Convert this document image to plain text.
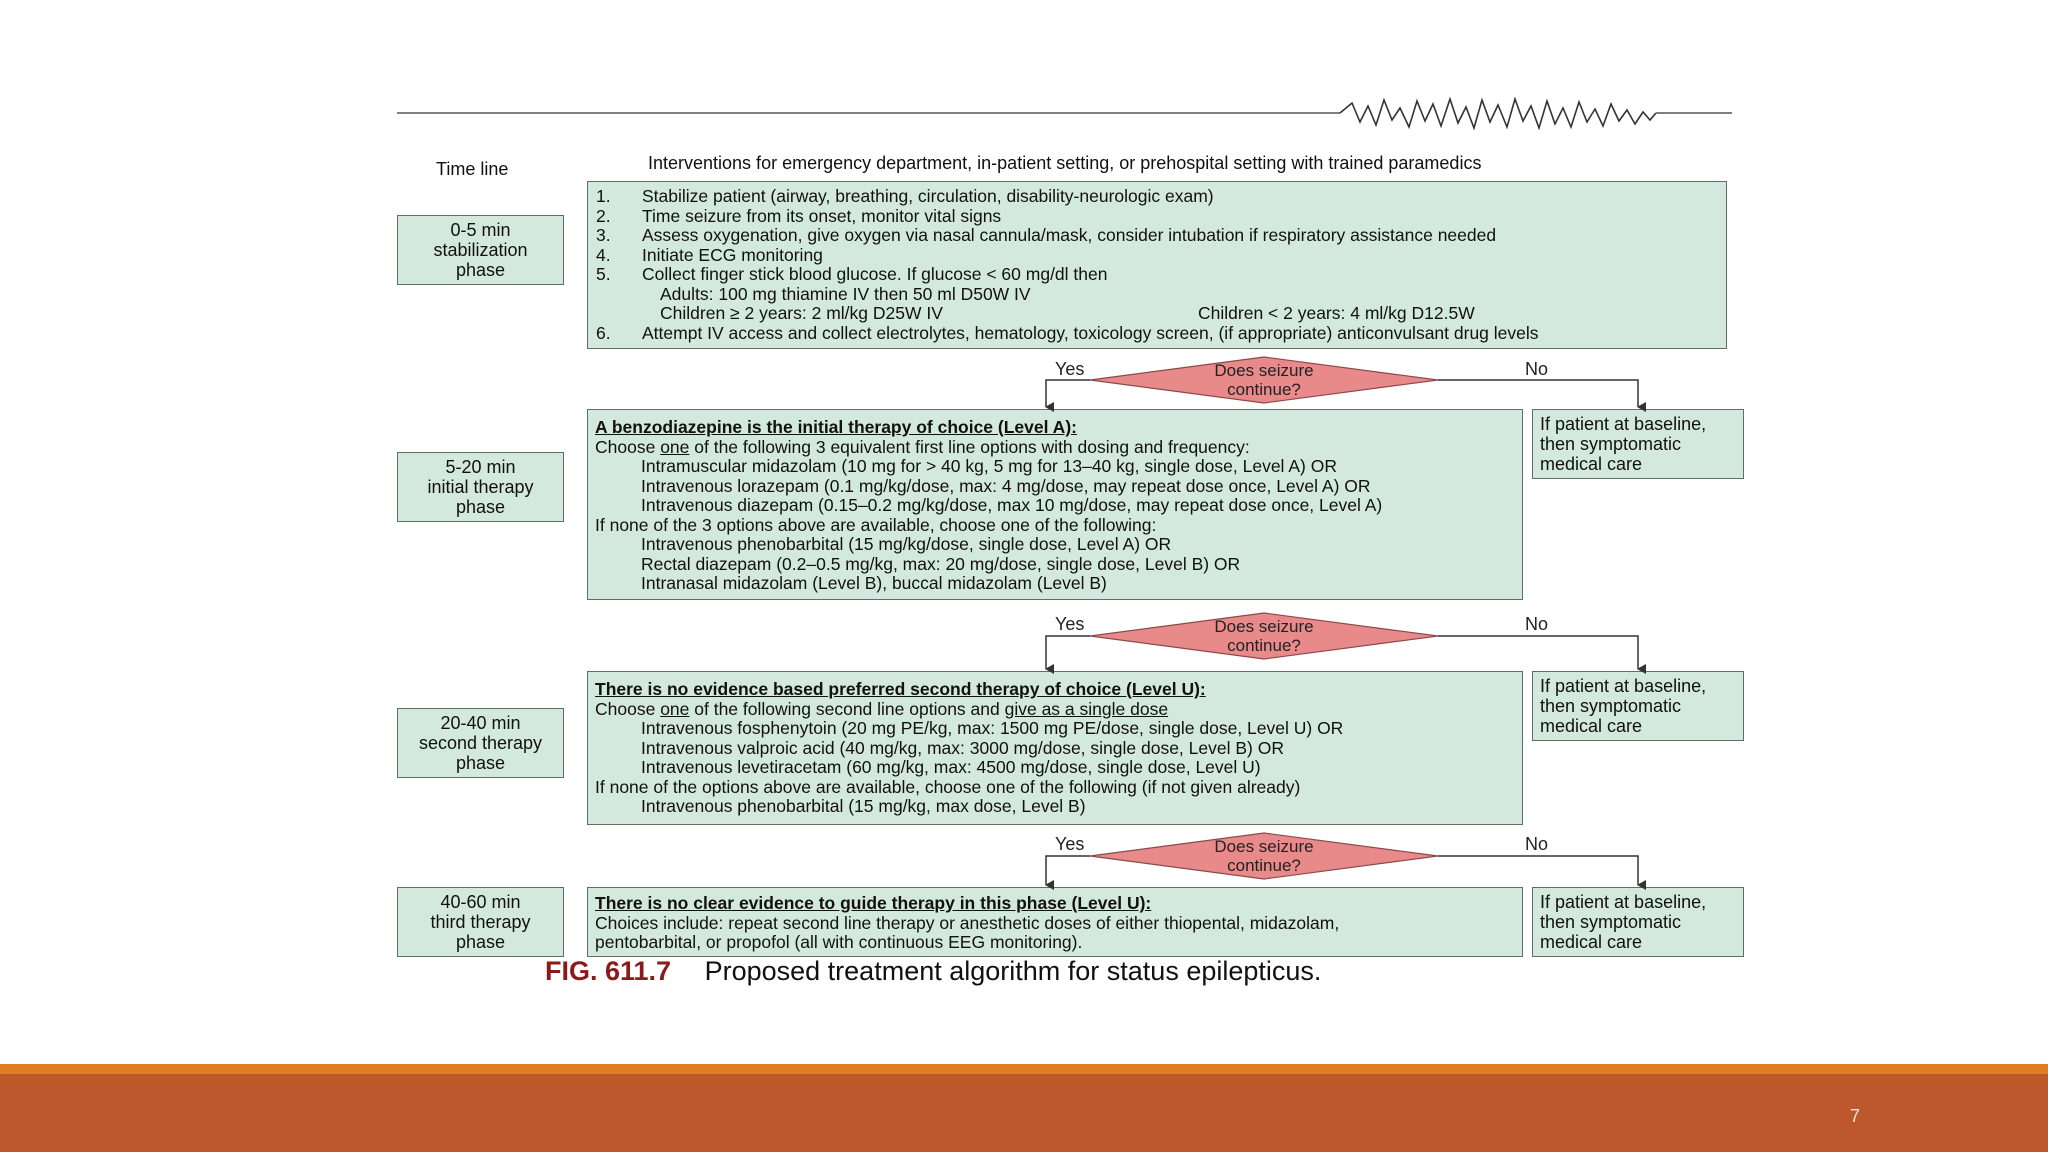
Time line	Interventions for emergency department, in-patient setting, or prehospital setting with trained paramedics
0-5 min
stabilization
phase
5-20 min
initial therapy
phase
20-40 min
second therapy
phase
40-60 min
third therapy
phase

1. Stabilize patient (airway, breathing, circulation, disability-neurologic exam)

2. Time seizure from its onset, monitor vital signs

3. Assess oxygenation, give oxygen via nasal cannula/mask, consider intubation if respiratory assistance needed

4. Initiate ECG monitoring

5. Collect finger stick blood glucose. If glucose < 60 mg/dl then

Adults: 100 mg thiamine IV then 50 ml D50W IV

Children ≥ 2 years: 2 ml/kg D25W IV	Children < 2 years: 4 ml/kg D12.5W

6. Attempt IV access and collect electrolytes, hematology, toxicology screen, (if appropriate) anticonvulsant drug levels

A benzodiazepine is the initial therapy of choice (Level A):

Choose one of the following 3 equivalent first line options with dosing and frequency:

Intramuscular midazolam (10 mg for > 40 kg, 5 mg for 13–40 kg, single dose, Level A) OR

Intravenous lorazepam (0.1 mg/kg/dose, max: 4 mg/dose, may repeat dose once, Level A) OR

Intravenous diazepam (0.15–0.2 mg/kg/dose, max 10 mg/dose, may repeat dose once, Level A)

If none of the 3 options above are available, choose one of the following:

Intravenous phenobarbital (15 mg/kg/dose, single dose, Level A) OR

Rectal diazepam (0.2–0.5 mg/kg, max: 20 mg/dose, single dose, Level B) OR

Intranasal midazolam (Level B), buccal midazolam (Level B)

There is no evidence based preferred second therapy of choice (Level U):

Choose one of the following second line options and give as a single dose

Intravenous fosphenytoin (20 mg PE/kg, max: 1500 mg PE/dose, single dose, Level U) OR

Intravenous valproic acid (40 mg/kg, max: 3000 mg/dose, single dose, Level B) OR

Intravenous levetiracetam (60 mg/kg, max: 4500 mg/dose, single dose, Level U)

If none of the options above are available, choose one of the following (if not given already)

Intravenous phenobarbital (15 mg/kg, max dose, Level B)

There is no clear evidence to guide therapy in this phase (Level U):

Choices include: repeat second line therapy or anesthetic doses of either thiopental, midazolam,

pentobarbital, or propofol (all with continuous EEG monitoring).

If patient at baseline,
then symptomatic
medical care
If patient at baseline,
then symptomatic
medical care
If patient at baseline,
then symptomatic
medical care
Does seizure
continue?
Does seizure
continue?
Does seizure
continue?
Yes	No
Yes	No
Yes	No
FIG. 611.7 Proposed treatment algorithm for status epilepticus.
7
